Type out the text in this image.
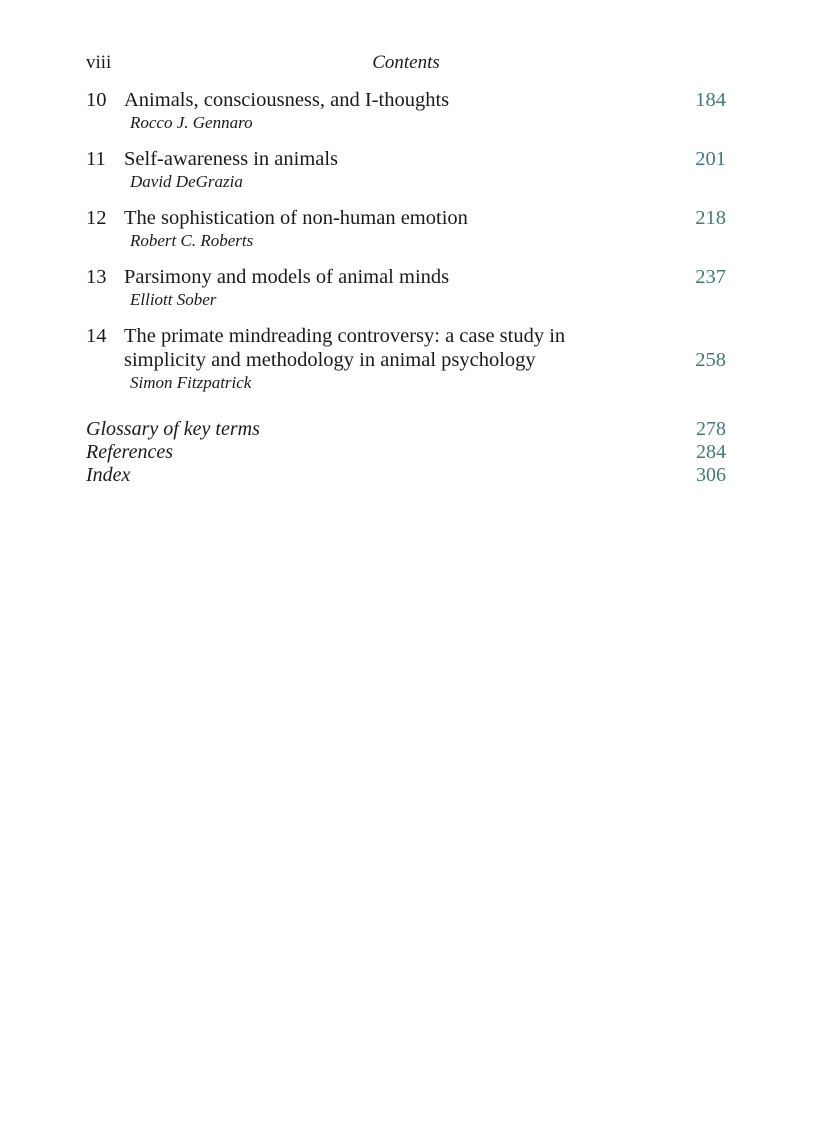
viii	Contents
10 Animals, consciousness, and I-thoughts	184
Rocco J. Gennaro
11 Self-awareness in animals	201
David DeGrazia
12 The sophistication of non-human emotion	218
Robert C. Roberts
13 Parsimony and models of animal minds	237
Elliott Sober
14 The primate mindreading controversy: a case study in
simplicity and methodology in animal psychology	258
Simon Fitzpatrick
Glossary of key terms	278
References	284
Index	306
